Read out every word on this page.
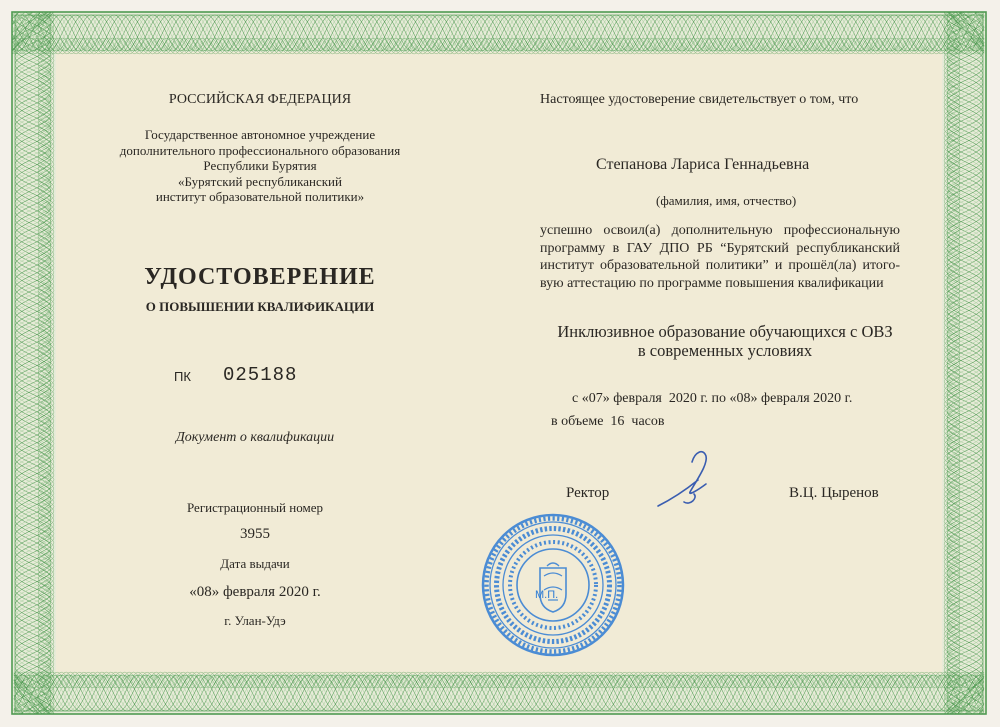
РОССИЙСКАЯ ФЕДЕРАЦИЯ
Государственное автономное учреждение
дополнительного профессионального образования
Республики Бурятия
«Бурятский республиканский
институт образовательной политики»
УДОСТОВЕРЕНИЕ
О ПОВЫШЕНИИ КВАЛИФИКАЦИИ
ПК 025188
Документ о квалификации
Регистрационный номер
3955
Дата выдачи
«08» февраля 2020 г.
г. Улан-Удэ
Настоящее удостоверение свидетельствует о том, что
Степанова Лариса Геннадьевна
(фамилия, имя, отчество)
успешно освоил(а) дополнительную профессиональную
программу в ГАУ ДПО РБ “Бурятский республиканский
институт образовательной политики” и прошёл(ла) итого-
вую аттестацию по программе повышения квалификации
Инклюзивное образование обучающихся с ОВЗ
в современных условиях
с «07» февраля  2020 г. по «08» февраля 2020 г.
в объеме  16  часов
Ректор	В.Ц. Цыренов
М.П.
